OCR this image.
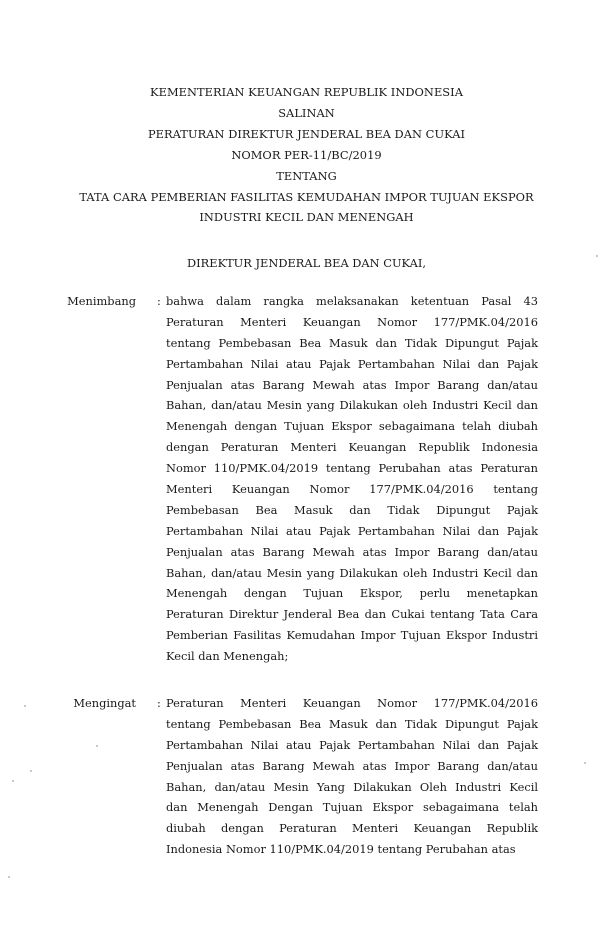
KEMENTERIAN KEUANGAN REPUBLIK INDONESIA
SALINAN
PERATURAN DIREKTUR JENDERAL BEA DAN CUKAI
NOMOR PER-11/BC/2019
TENTANG
TATA CARA PEMBERIAN FASILITAS KEMUDAHAN IMPOR TUJUAN EKSPOR
INDUSTRI KECIL DAN MENENGAH
DIREKTUR JENDERAL BEA DAN CUKAI,
Menimbang : bahwa dalam rangka melaksanakan ketentuan Pasal 43
Peraturan Menteri Keuangan Nomor 177/PMK.04/2016
tentang Pembebasan Bea Masuk dan Tidak Dipungut Pajak
Pertambahan Nilai atau Pajak Pertambahan Nilai dan Pajak
Penjualan atas Barang Mewah atas Impor Barang dan/atau
Bahan, dan/atau Mesin yang Dilakukan oleh Industri Kecil dan
Menengah dengan Tujuan Ekspor sebagaimana telah diubah
dengan Peraturan Menteri Keuangan Republik Indonesia
Nomor 110/PMK.04/2019 tentang Perubahan atas Peraturan
Menteri Keuangan Nomor 177/PMK.04/2016 tentang
Pembebasan Bea Masuk dan Tidak Dipungut Pajak
Pertambahan Nilai atau Pajak Pertambahan Nilai dan Pajak
Penjualan atas Barang Mewah atas Impor Barang dan/atau
Bahan, dan/atau Mesin yang Dilakukan oleh Industri Kecil dan
Menengah dengan Tujuan Ekspor, perlu menetapkan
Peraturan Direktur Jenderal Bea dan Cukai tentang Tata Cara
Pemberian Fasilitas Kemudahan Impor Tujuan Ekspor Industri
Kecil dan Menengah;
Mengingat : Peraturan Menteri Keuangan Nomor 177/PMK.04/2016
tentang Pembebasan Bea Masuk dan Tidak Dipungut Pajak
Pertambahan Nilai atau Pajak Pertambahan Nilai dan Pajak
Penjualan atas Barang Mewah atas Impor Barang dan/atau
Bahan, dan/atau Mesin Yang Dilakukan Oleh Industri Kecil
dan Menengah Dengan Tujuan Ekspor sebagaimana telah
diubah dengan Peraturan Menteri Keuangan Republik
Indonesia Nomor 110/PMK.04/2019 tentang Perubahan atas
